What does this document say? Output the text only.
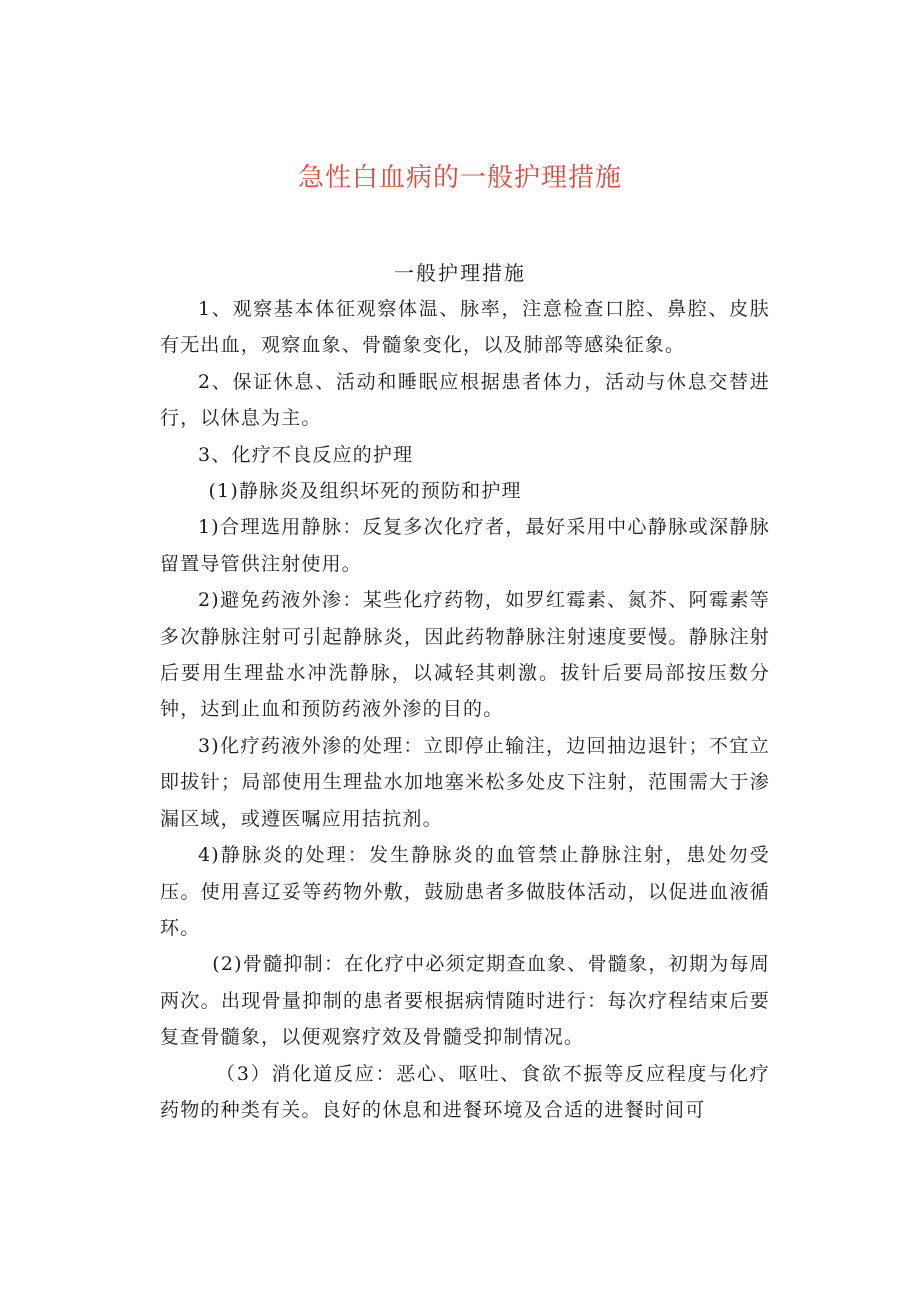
急性白血病的一般护理措施
一般护理措施

1、观察基本体征观察体温、脉率，注意检查口腔、鼻腔、皮肤有无出血，观察血象、骨髓象变化，以及肺部等感染征象。

2、保证休息、活动和睡眠应根据患者体力，活动与休息交替进行，以休息为主。

3、化疗不良反应的护理

(1)静脉炎及组织坏死的预防和护理

1)合理选用静脉：反复多次化疗者，最好采用中心静脉或深静脉留置导管供注射使用。

2)避免药液外渗：某些化疗药物，如罗红霉素、氮芥、阿霉素等多次静脉注射可引起静脉炎，因此药物静脉注射速度要慢。静脉注射后要用生理盐水冲洗静脉，以减轻其刺激。拔针后要局部按压数分钟，达到止血和预防药液外渗的目的。

3)化疗药液外渗的处理：立即停止输注，边回抽边退针；不宜立即拔针；局部使用生理盐水加地塞米松多处皮下注射，范围需大于渗漏区域，或遵医嘱应用拮抗剂。

4)静脉炎的处理：发生静脉炎的血管禁止静脉注射，患处勿受压。使用喜辽妥等药物外敷，鼓励患者多做肢体活动，以促进血液循环。

(2)骨髓抑制：在化疗中必须定期查血象、骨髓象，初期为每周两次。出现骨量抑制的患者要根据病情随时进行：每次疗程结束后要复查骨髓象，以便观察疗效及骨髓受抑制情况。

（3）消化道反应：恶心、呕吐、食欲不振等反应程度与化疗药物的种类有关。良好的休息和进餐环境及合适的进餐时间可
